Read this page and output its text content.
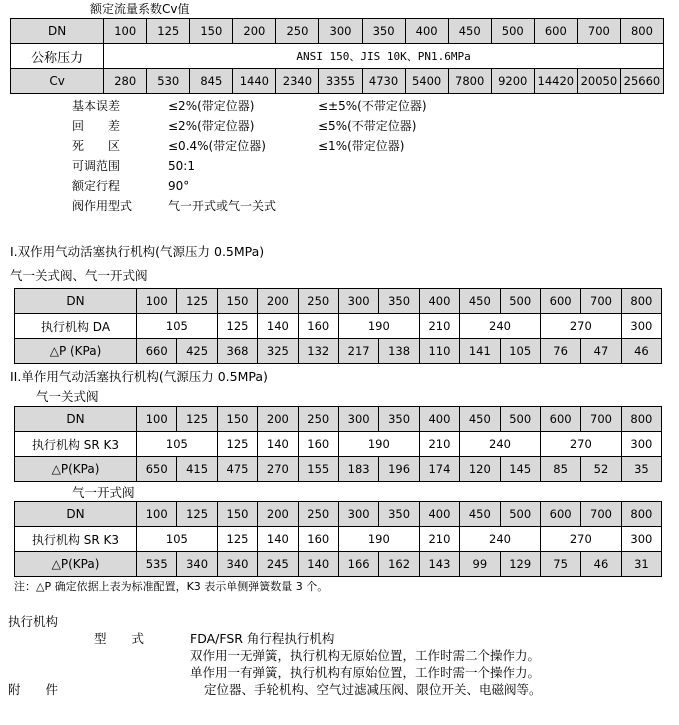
额定流量系数Cv值
DN	100	125	150	200	250	300	350	400	450	500	600	700	800
公称压力	ANSI 150、JIS 10K、PN1.6MPa												
Cv	280	530	845	1440	2340	3355	4730	5400	7800	9200	14420	20050	25660
基本误差	≤2%(带定位器)	≤±5%(不带定位器)
回　　差	≤2%(带定位器)	≤5%(不带定位器)
死　　区	≤0.4%(带定位器)	≤1%(带定位器)
可调范围	50:1
额定行程	90°
阀作用型式	气一开式或气一关式
I.双作用气动活塞执行机构(气源压力 0.5MPa)
气一关式阀、气一开式阀
DN	100	125	150	200	250	300	350	400	450	500	600	700	800
执行机构 DA	105		125	140	160	190		210	240		270		300
△P (KPa)	660	425	368	325	132	217	138	110	141	105	76	47	46
II.单作用气动活塞执行机构(气源压力 0.5MPa)
气一关式阀
DN	100	125	150	200	250	300	350	400	450	500	600	700	800
执行机构 SR K3	105		125	140	160	190		210	240		270		300
△P(KPa)	650	415	475	270	155	183	196	174	120	145	85	52	35
气一开式阀
DN	100	125	150	200	250	300	350	400	450	500	600	700	800
执行机构 SR K3	105		125	140	160	190		210	240		270		300
△P(KPa)	535	340	340	245	140	166	162	143	99	129	75	46	31
注：△P 确定依据上表为标准配置，K3 表示单侧弹簧数量 3 个。
执行机构
型　　式	FDA/FSR 角行程执行机构
双作用一无弹簧，执行机构无原始位置，工作时需二个操作力。
单作用一有弹簧，执行机构有原始位置，工作时需一个操作力。
附　　件	定位器、手轮机构、空气过滤减压阀、限位开关、电磁阀等。
